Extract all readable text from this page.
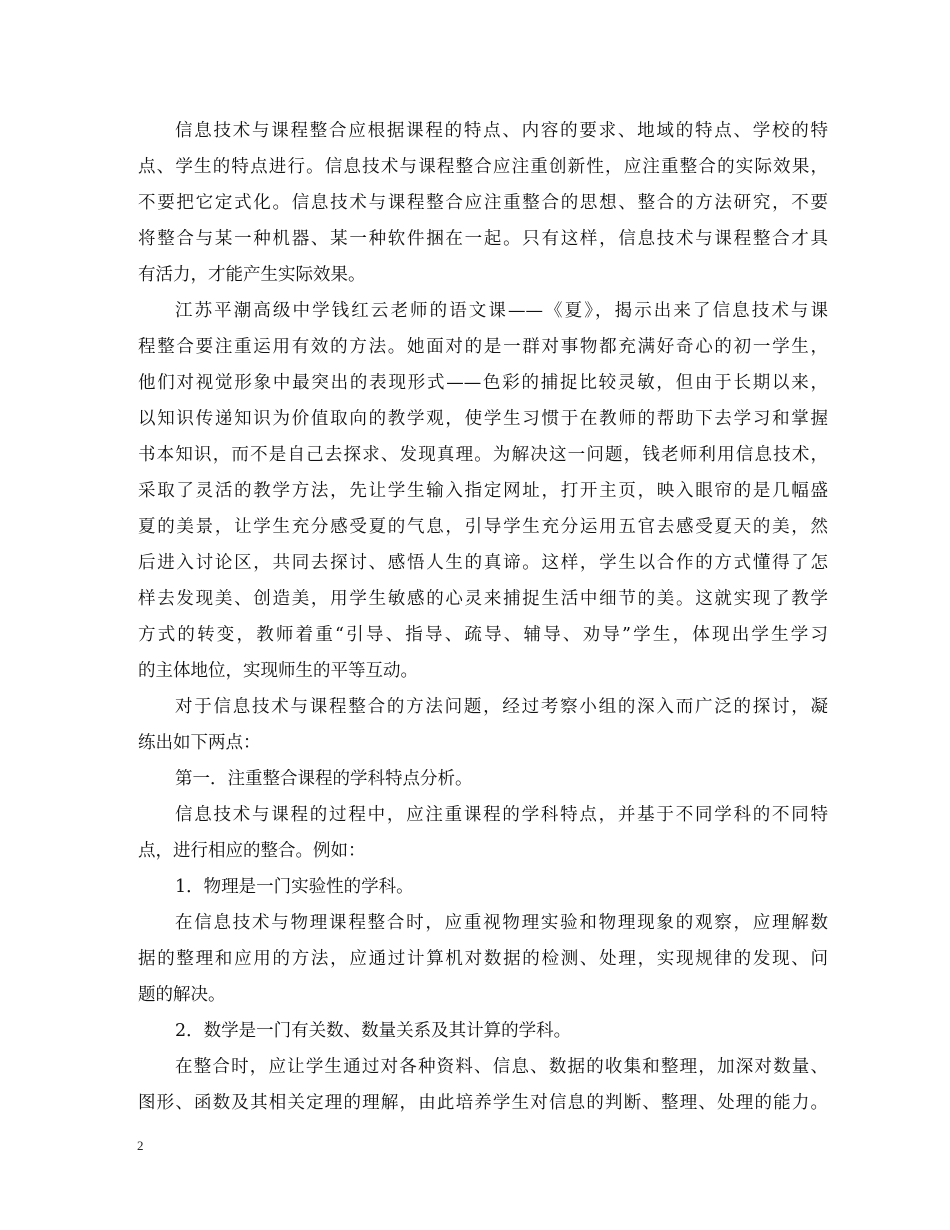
信息技术与课程整合应根据课程的特点、内容的要求、地域的特点、学校的特
点、学生的特点进行。信息技术与课程整合应注重创新性，应注重整合的实际效果，
不要把它定式化。信息技术与课程整合应注重整合的思想、整合的方法研究，不要
将整合与某一种机器、某一种软件捆在一起。只有这样，信息技术与课程整合才具
有活力，才能产生实际效果。
江苏平潮高级中学钱红云老师的语文课——《夏》，揭示出来了信息技术与课
程整合要注重运用有效的方法。她面对的是一群对事物都充满好奇心的初一学生，
他们对视觉形象中最突出的表现形式——色彩的捕捉比较灵敏，但由于长期以来，
以知识传递知识为价值取向的教学观，使学生习惯于在教师的帮助下去学习和掌握
书本知识，而不是自己去探求、发现真理。为解决这一问题，钱老师利用信息技术，
采取了灵活的教学方法，先让学生输入指定网址，打开主页，映入眼帘的是几幅盛
夏的美景，让学生充分感受夏的气息，引导学生充分运用五官去感受夏天的美，然
后进入讨论区，共同去探讨、感悟人生的真谛。这样，学生以合作的方式懂得了怎
样去发现美、创造美，用学生敏感的心灵来捕捉生活中细节的美。这就实现了教学
方式的转变，教师着重“引导、指导、疏导、辅导、劝导”学生，体现出学生学习
的主体地位，实现师生的平等互动。
对于信息技术与课程整合的方法问题，经过考察小组的深入而广泛的探讨，凝
练出如下两点：
第一．注重整合课程的学科特点分析。
信息技术与课程的过程中，应注重课程的学科特点，并基于不同学科的不同特
点，进行相应的整合。例如：
1．物理是一门实验性的学科。
在信息技术与物理课程整合时，应重视物理实验和物理现象的观察，应理解数
据的整理和应用的方法，应通过计算机对数据的检测、处理，实现规律的发现、问
题的解决。
2．数学是一门有关数、数量关系及其计算的学科。
在整合时，应让学生通过对各种资料、信息、数据的收集和整理，加深对数量、
图形、函数及其相关定理的理解，由此培养学生对信息的判断、整理、处理的能力。
2
